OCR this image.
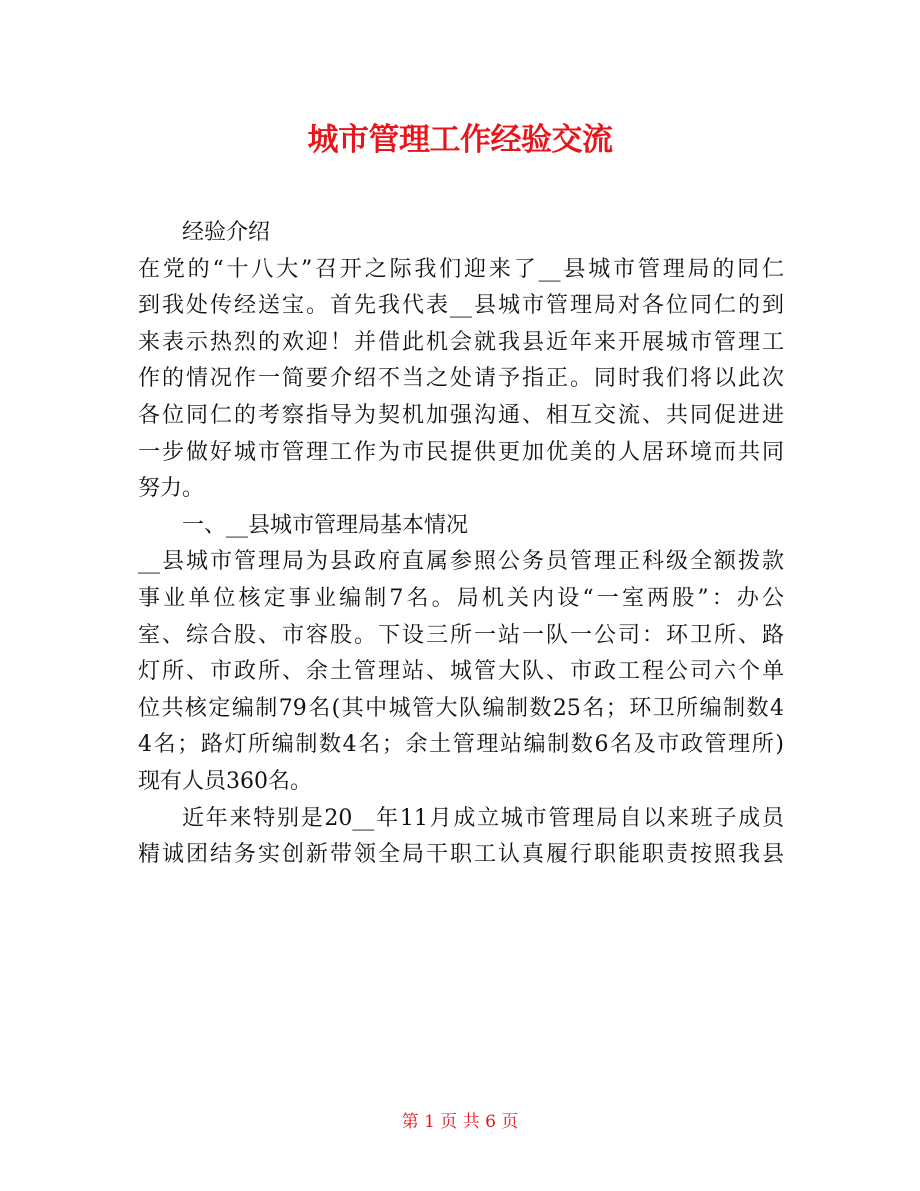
城市管理工作经验交流
经验介绍
在党的“十八大”召开之际我们迎来了__县城市管理局的同仁
到我处传经送宝。首先我代表__县城市管理局对各位同仁的到
来表示热烈的欢迎！并借此机会就我县近年来开展城市管理工
作的情况作一简要介绍不当之处请予指正。同时我们将以此次
各位同仁的考察指导为契机加强沟通、相互交流、共同促进进
一步做好城市管理工作为市民提供更加优美的人居环境而共同
努力。
一、__县城市管理局基本情况
__县城市管理局为县政府直属参照公务员管理正科级全额拨款
事业单位核定事业编制7名。局机关内设“一室两股”：办公
室、综合股、市容股。下设三所一站一队一公司：环卫所、路
灯所、市政所、余土管理站、城管大队、市政工程公司六个单
位共核定编制79名(其中城管大队编制数25名；环卫所编制数4
4名；路灯所编制数4名；余土管理站编制数6名及市政管理所)
现有人员360名。
近年来特别是20__年11月成立城市管理局自以来班子成员
精诚团结务实创新带领全局干职工认真履行职能职责按照我县
第 1 页 共 6 页
